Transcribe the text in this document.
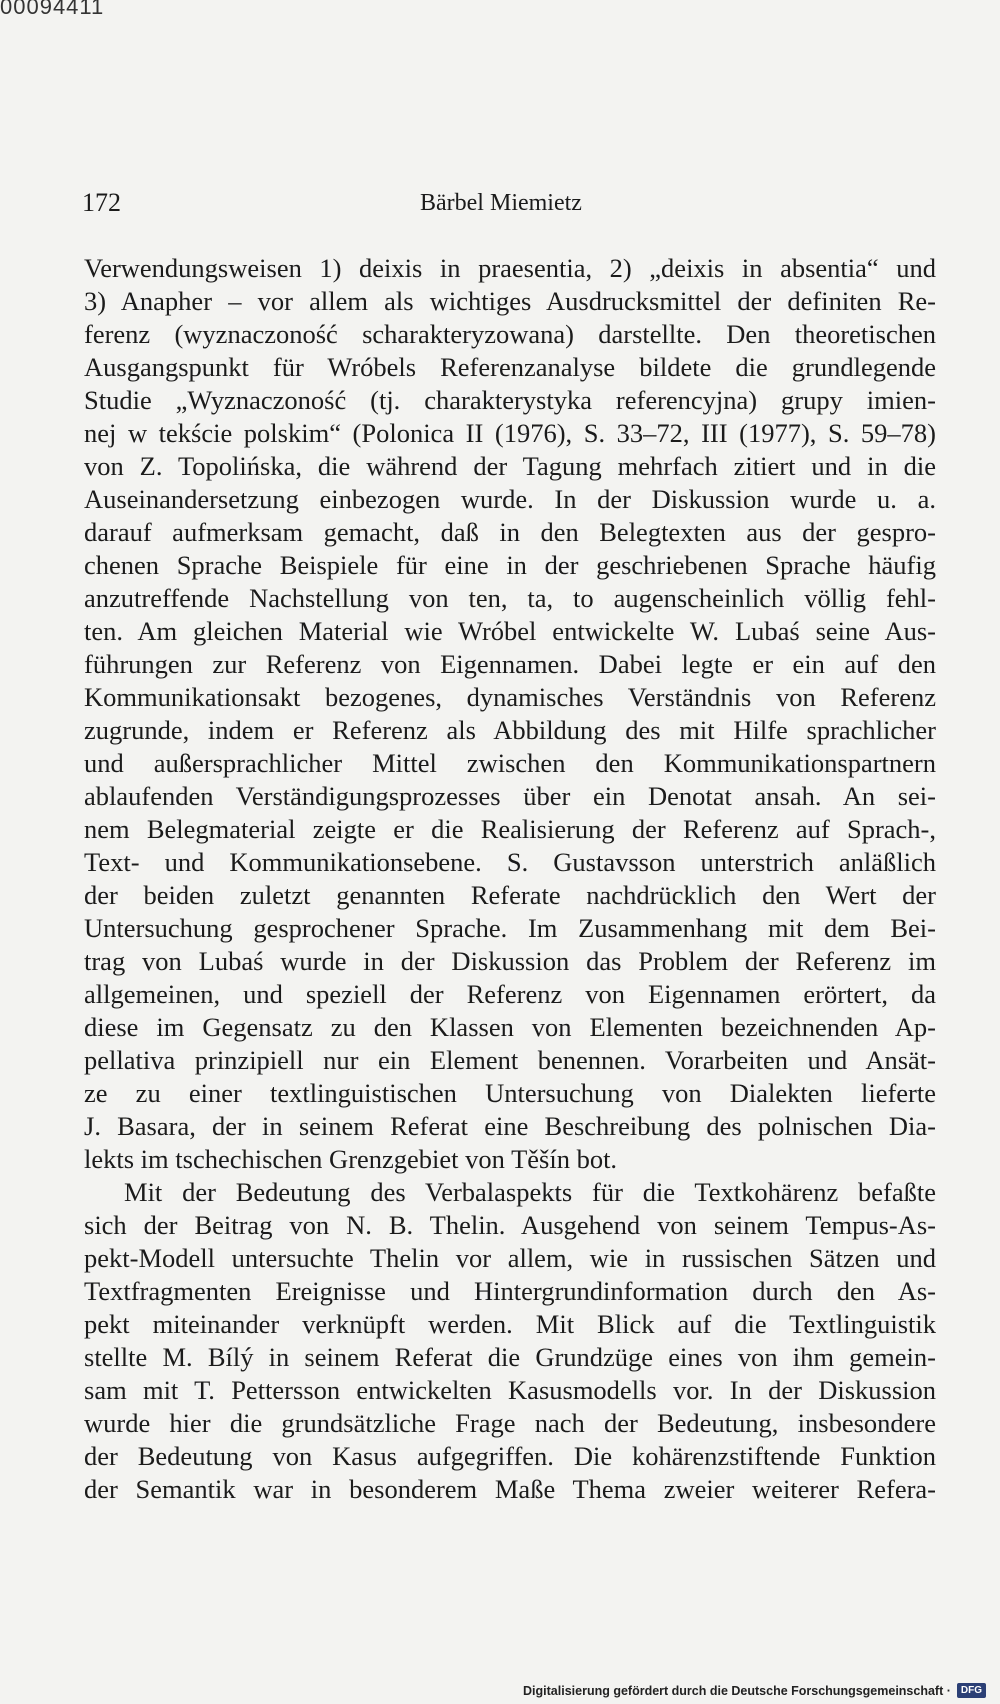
00094411
172	Bärbel Miemietz
Verwendungsweisen 1) deixis in praesentia, 2) „deixis in absentia“ und
3) Anapher – vor allem als wichtiges Ausdrucksmittel der definiten Re-
ferenz (wyznaczoność scharakteryzowana) darstellte. Den theoretischen
Ausgangspunkt für Wróbels Referenzanalyse bildete die grundlegende
Studie „Wyznaczoność (tj. charakterystyka referencyjna) grupy imien-
nej w tekście polskim“ (Polonica II (1976), S. 33–72, III (1977), S. 59–78)
von Z. Topolińska, die während der Tagung mehrfach zitiert und in die
Auseinandersetzung einbezogen wurde. In der Diskussion wurde u. a.
darauf aufmerksam gemacht, daß in den Belegtexten aus der gespro-
chenen Sprache Beispiele für eine in der geschriebenen Sprache häufig
anzutreffende Nachstellung von ten, ta, to augenscheinlich völlig fehl-
ten. Am gleichen Material wie Wróbel entwickelte W. Lubaś seine Aus-
führungen zur Referenz von Eigennamen. Dabei legte er ein auf den
Kommunikationsakt bezogenes, dynamisches Verständnis von Referenz
zugrunde, indem er Referenz als Abbildung des mit Hilfe sprachlicher
und außersprachlicher Mittel zwischen den Kommunikationspartnern
ablaufenden Verständigungsprozesses über ein Denotat ansah. An sei-
nem Belegmaterial zeigte er die Realisierung der Referenz auf Sprach-,
Text- und Kommunikationsebene. S. Gustavsson unterstrich anläßlich
der beiden zuletzt genannten Referate nachdrücklich den Wert der
Untersuchung gesprochener Sprache. Im Zusammenhang mit dem Bei-
trag von Lubaś wurde in der Diskussion das Problem der Referenz im
allgemeinen, und speziell der Referenz von Eigennamen erörtert, da
diese im Gegensatz zu den Klassen von Elementen bezeichnenden Ap-
pellativa prinzipiell nur ein Element benennen. Vorarbeiten und Ansät-
ze zu einer textlinguistischen Untersuchung von Dialekten lieferte
J. Basara, der in seinem Referat eine Beschreibung des polnischen Dia-
lekts im tschechischen Grenzgebiet von Těšín bot.
Mit der Bedeutung des Verbalaspekts für die Textkohärenz befaßte
sich der Beitrag von N. B. Thelin. Ausgehend von seinem Tempus-As-
pekt-Modell untersuchte Thelin vor allem, wie in russischen Sätzen und
Textfragmenten Ereignisse und Hintergrundinformation durch den As-
pekt miteinander verknüpft werden. Mit Blick auf die Textlinguistik
stellte M. Bílý in seinem Referat die Grundzüge eines von ihm gemein-
sam mit T. Pettersson entwickelten Kasusmodells vor. In der Diskussion
wurde hier die grundsätzliche Frage nach der Bedeutung, insbesondere
der Bedeutung von Kasus aufgegriffen. Die kohärenzstiftende Funktion
der Semantik war in besonderem Maße Thema zweier weiterer Refera-
Digitalisierung gefördert durch die Deutsche Forschungsgemeinschaft ·	DFG
